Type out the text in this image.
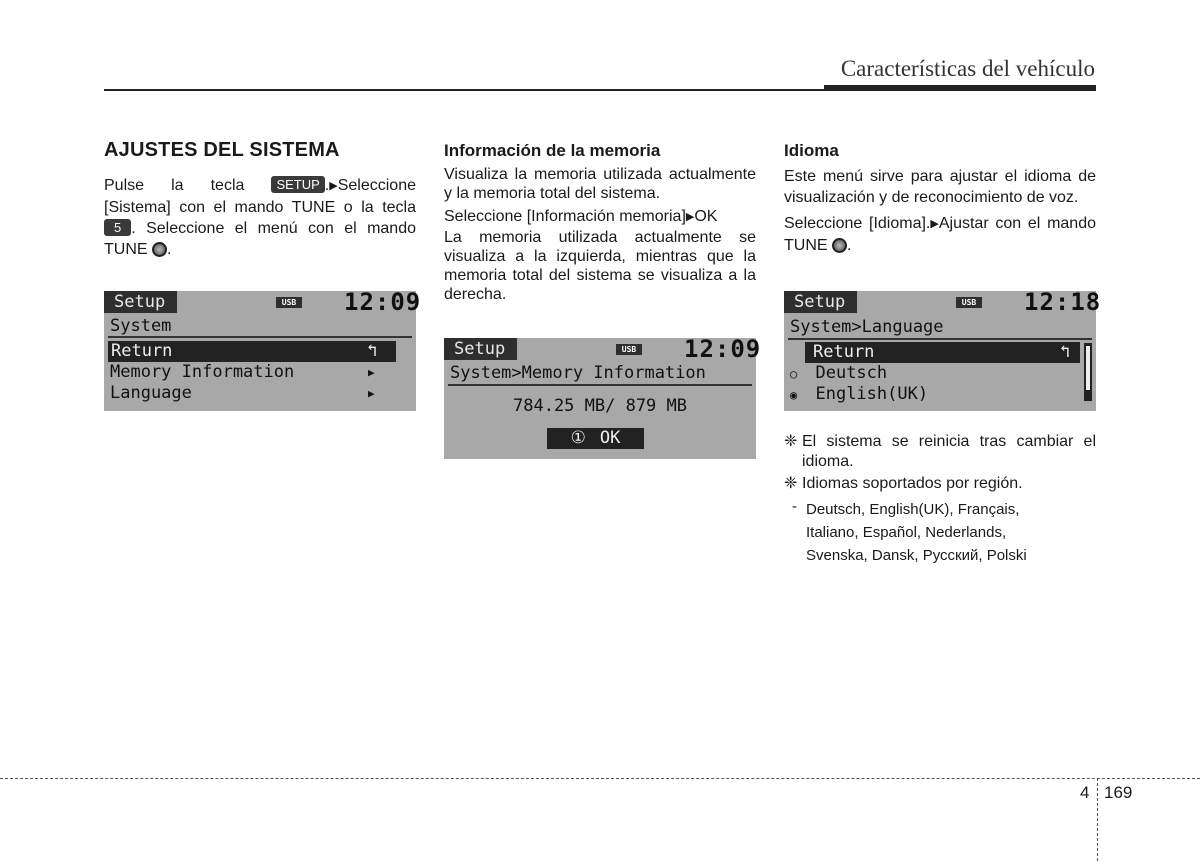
Características del vehículo
AJUSTES DEL SISTEMA

Pulse la tecla SETUP .▶Seleccione [Sistema] con el mando TUNE o la tecla 5 . Seleccione el menú con el mando TUNE .

Setup	USB 12:09
System
Return	↰
Memory Information	▶
Language	▶
Información de la memoria

Visualiza la memoria utilizada actualmente y la memoria total del sistema.

Seleccione [Información memoria]▶OK

La memoria utilizada actualmente se visualiza a la izquierda, mientras que la memoria total del sistema se visualiza a la derecha.

Setup	USB 12:09
System>Memory Information
784.25 MB/ 879 MB
① OK
Idioma

Este menú sirve para ajustar el idioma de visualización y de reconocimiento de voz.

Seleccione [Idioma].▶Ajustar con el mando TUNE .

Setup	USB 12:18
System>Language
Return	↰
○ Deutsch
◉ English(UK)
❈ El sistema se reinicia tras cambiar el idioma.
❈ Idiomas soportados por región.
- Deutsch, English(UK), Français, Italiano, Español, Nederlands, Svenska, Dansk, Русский, Polski
4 169
